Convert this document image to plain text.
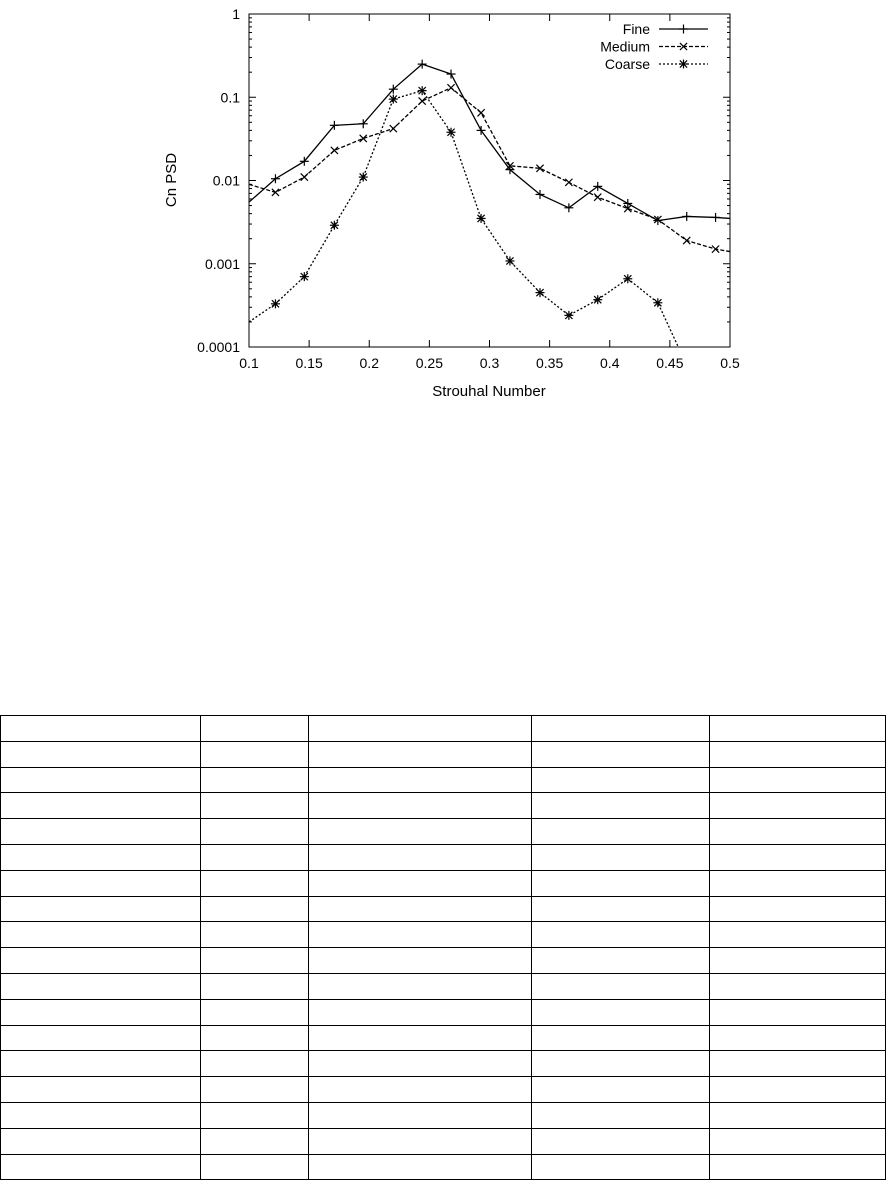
0.1	0.15	0.2	0.25	0.3	0.35	0.4	0.45	0.5
0.0001
0.001
0.01
0.1
1
Strouhal Number
Cn PSD
Fine
Medium
Coarse
